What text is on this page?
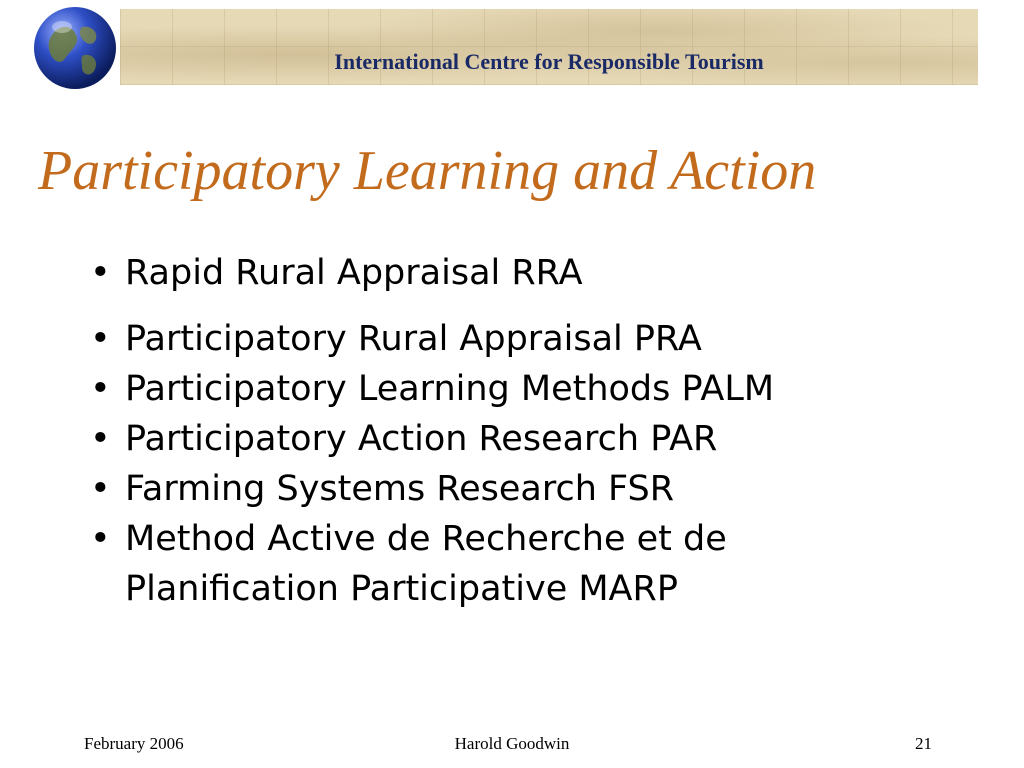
International Centre for Responsible Tourism
Participatory Learning and Action
• Rapid Rural Appraisal RRA
• Participatory Rural Appraisal PRA
• Participatory Learning Methods PALM
• Participatory Action Research PAR
• Farming Systems Research FSR
• Method Active de Recherche et de Planification Participative MARP
February 2006	Harold Goodwin	21
